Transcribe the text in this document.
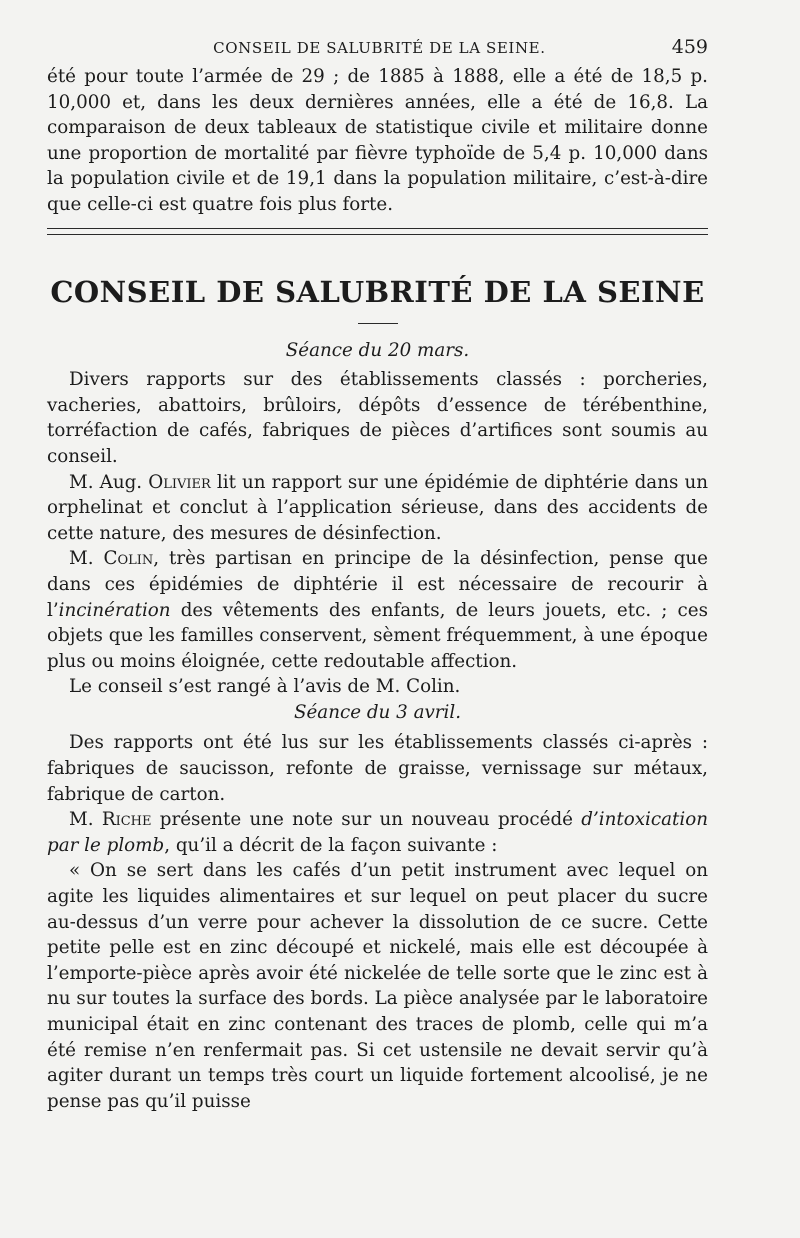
CONSEIL DE SALUBRITÉ DE LA SEINE.	459

été pour toute l’armée de 29 ; de 1885 à 1888, elle a été de 18,5 p. 10,000 et, dans les deux dernières années, elle a été de 16,8. La comparaison de deux tableaux de statistique civile et militaire donne une proportion de mortalité par fièvre typhoïde de 5,4 p. 10,000 dans la population civile et de 19,1 dans la population militaire, c’est-à-dire que celle-ci est quatre fois plus forte.

CONSEIL DE SALUBRITÉ DE LA SEINE

Séance du 20 mars.

Divers rapports sur des établissements classés : porcheries, vacheries, abattoirs, brûloirs, dépôts d’essence de térébenthine, torréfaction de cafés, fabriques de pièces d’artifices sont soumis au conseil.

M. Aug. Olivier lit un rapport sur une épidémie de diphtérie dans un orphelinat et conclut à l’application sérieuse, dans des accidents de cette nature, des mesures de désinfection.

M. Colin, très partisan en principe de la désinfection, pense que dans ces épidémies de diphtérie il est nécessaire de recourir à l’incinération des vêtements des enfants, de leurs jouets, etc. ; ces objets que les familles conservent, sèment fréquemment, à une époque plus ou moins éloignée, cette redoutable affection.

Le conseil s’est rangé à l’avis de M. Colin.

Séance du 3 avril.

Des rapports ont été lus sur les établissements classés ci-après : fabriques de saucisson, refonte de graisse, vernissage sur métaux, fabrique de carton.

M. Riche présente une note sur un nouveau procédé d’intoxication par le plomb, qu’il a décrit de la façon suivante :

« On se sert dans les cafés d’un petit instrument avec lequel on agite les liquides alimentaires et sur lequel on peut placer du sucre au-dessus d’un verre pour achever la dissolution de ce sucre. Cette petite pelle est en zinc découpé et nickelé, mais elle est découpée à l’emporte-pièce après avoir été nickelée de telle sorte que le zinc est à nu sur toutes la surface des bords. La pièce analysée par le laboratoire municipal était en zinc contenant des traces de plomb, celle qui m’a été remise n’en renfermait pas. Si cet ustensile ne devait servir qu’à agiter durant un temps très court un liquide fortement alcoolisé, je ne pense pas qu’il puisse
